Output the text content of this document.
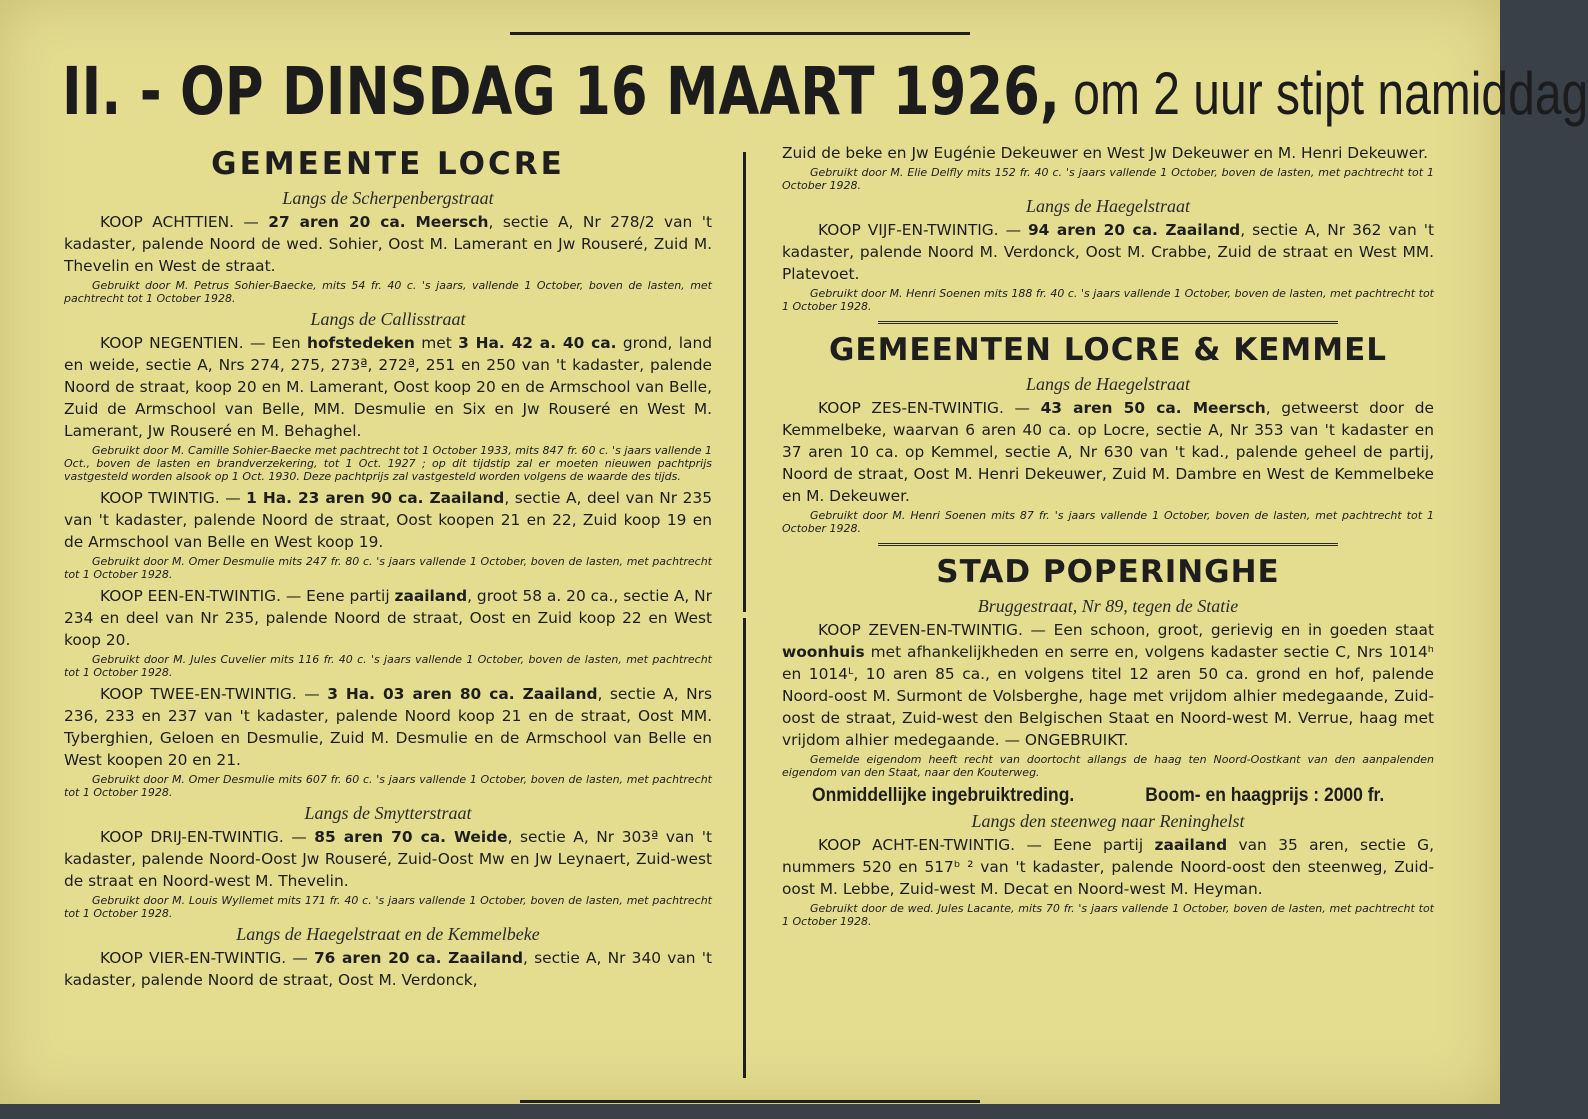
II. - OP DINSDAG 16 MAART 1926, om 2 uur stipt namiddag
GEMEENTE LOCRE
Langs de Scherpenbergstraat

KOOP ACHTTIEN. — 27 aren 20 ca. Meersch, sectie A, Nr 278/2 van 't kadaster, palende Noord de wed. Sohier, Oost M. Lamerant en Jw Rouseré, Zuid M. Thevelin en West de straat.

Gebruikt door M. Petrus Sohier-Baecke, mits 54 fr. 40 c. 's jaars, vallende 1 October, boven de lasten, met pachtrecht tot 1 October 1928.

Langs de Callisstraat

KOOP NEGENTIEN. — Een hofstedeken met 3 Ha. 42 a. 40 ca. grond, land en weide, sectie A, Nrs 274, 275, 273ª, 272ª, 251 en 250 van 't kadaster, palende Noord de straat, koop 20 en M. Lamerant, Oost koop 20 en de Armschool van Belle, Zuid de Armschool van Belle, MM. Desmulie en Six en Jw Rouseré en West M. Lamerant, Jw Rouseré en M. Behaghel.

Gebruikt door M. Camille Sohier-Baecke met pachtrecht tot 1 October 1933, mits 847 fr. 60 c. 's jaars vallende 1 Oct., boven de lasten en brandverzekering, tot 1 Oct. 1927 ; op dit tijdstip zal er moeten nieuwen pachtprijs vastgesteld worden alsook op 1 Oct. 1930. Deze pachtprijs zal vastgesteld worden volgens de waarde des tijds.

KOOP TWINTIG. — 1 Ha. 23 aren 90 ca. Zaailand, sectie A, deel van Nr 235 van 't kadaster, palende Noord de straat, Oost koopen 21 en 22, Zuid koop 19 en de Armschool van Belle en West koop 19.

Gebruikt door M. Omer Desmulie mits 247 fr. 80 c. 's jaars vallende 1 October, boven de lasten, met pachtrecht tot 1 October 1928.

KOOP EEN-EN-TWINTIG. — Eene partij zaailand, groot 58 a. 20 ca., sectie A, Nr 234 en deel van Nr 235, palende Noord de straat, Oost en Zuid koop 22 en West koop 20.

Gebruikt door M. Jules Cuvelier mits 116 fr. 40 c. 's jaars vallende 1 October, boven de lasten, met pachtrecht tot 1 October 1928.

KOOP TWEE-EN-TWINTIG. — 3 Ha. 03 aren 80 ca. Zaailand, sectie A, Nrs 236, 233 en 237 van 't kadaster, palende Noord koop 21 en de straat, Oost MM. Tyberghien, Geloen en Desmulie, Zuid M. Desmulie en de Armschool van Belle en West koopen 20 en 21.

Gebruikt door M. Omer Desmulie mits 607 fr. 60 c. 's jaars vallende 1 October, boven de lasten, met pachtrecht tot 1 October 1928.

Langs de Smytterstraat

KOOP DRIJ-EN-TWINTIG. — 85 aren 70 ca. Weide, sectie A, Nr 303ª van 't kadaster, palende Noord-Oost Jw Rouseré, Zuid-Oost Mw en Jw Leynaert, Zuid-west de straat en Noord-west M. Thevelin.

Gebruikt door M. Louis Wyllemet mits 171 fr. 40 c. 's jaars vallende 1 October, boven de lasten, met pachtrecht tot 1 October 1928.

Langs de Haegelstraat en de Kemmelbeke

KOOP VIER-EN-TWINTIG. — 76 aren 20 ca. Zaailand, sectie A, Nr 340 van 't kadaster, palende Noord de straat, Oost M. Verdonck,

Zuid de beke en Jw Eugénie Dekeuwer en West Jw Dekeuwer en M. Henri Dekeuwer.

Gebruikt door M. Elie Delfly mits 152 fr. 40 c. 's jaars vallende 1 October, boven de lasten, met pachtrecht tot 1 October 1928.

Langs de Haegelstraat

KOOP VIJF-EN-TWINTIG. — 94 aren 20 ca. Zaailand, sectie A, Nr 362 van 't kadaster, palende Noord M. Verdonck, Oost M. Crabbe, Zuid de straat en West MM. Platevoet.

Gebruikt door M. Henri Soenen mits 188 fr. 40 c. 's jaars vallende 1 October, boven de lasten, met pachtrecht tot 1 October 1928.

GEMEENTEN LOCRE & KEMMEL
Langs de Haegelstraat

KOOP ZES-EN-TWINTIG. — 43 aren 50 ca. Meersch, getweerst door de Kemmelbeke, waarvan 6 aren 40 ca. op Locre, sectie A, Nr 353 van 't kadaster en 37 aren 10 ca. op Kemmel, sectie A, Nr 630 van 't kad., palende geheel de partij, Noord de straat, Oost M. Henri Dekeuwer, Zuid M. Dambre en West de Kemmelbeke en M. Dekeuwer.

Gebruikt door M. Henri Soenen mits 87 fr. 's jaars vallende 1 October, boven de lasten, met pachtrecht tot 1 October 1928.

STAD POPERINGHE
Bruggestraat, Nr 89, tegen de Statie

KOOP ZEVEN-EN-TWINTIG. — Een schoon, groot, gerievig en in goeden staat woonhuis met afhankelijkheden en serre en, volgens kadaster sectie C, Nrs 1014ʰ en 1014ᴸ, 10 aren 85 ca., en volgens titel 12 aren 50 ca. grond en hof, palende Noord-oost M. Surmont de Volsberghe, hage met vrijdom alhier medegaande, Zuid-oost de straat, Zuid-west den Belgischen Staat en Noord-west M. Verrue, haag met vrijdom alhier medegaande. — ONGEBRUIKT.

Gemelde eigendom heeft recht van doortocht allangs de haag ten Noord-Oostkant van den aanpalenden eigendom van den Staat, naar den Kouterweg.

Onmiddellijke ingebruiktreding.	Boom- en haagprijs : 2000 fr.
Langs den steenweg naar Reninghelst

KOOP ACHT-EN-TWINTIG. — Eene partij zaailand van 35 aren, sectie G, nummers 520 en 517ᵇ ² van 't kadaster, palende Noord-oost den steenweg, Zuid-oost M. Lebbe, Zuid-west M. Decat en Noord-west M. Heyman.

Gebruikt door de wed. Jules Lacante, mits 70 fr. 's jaars vallende 1 October, boven de lasten, met pachtrecht tot 1 October 1928.
